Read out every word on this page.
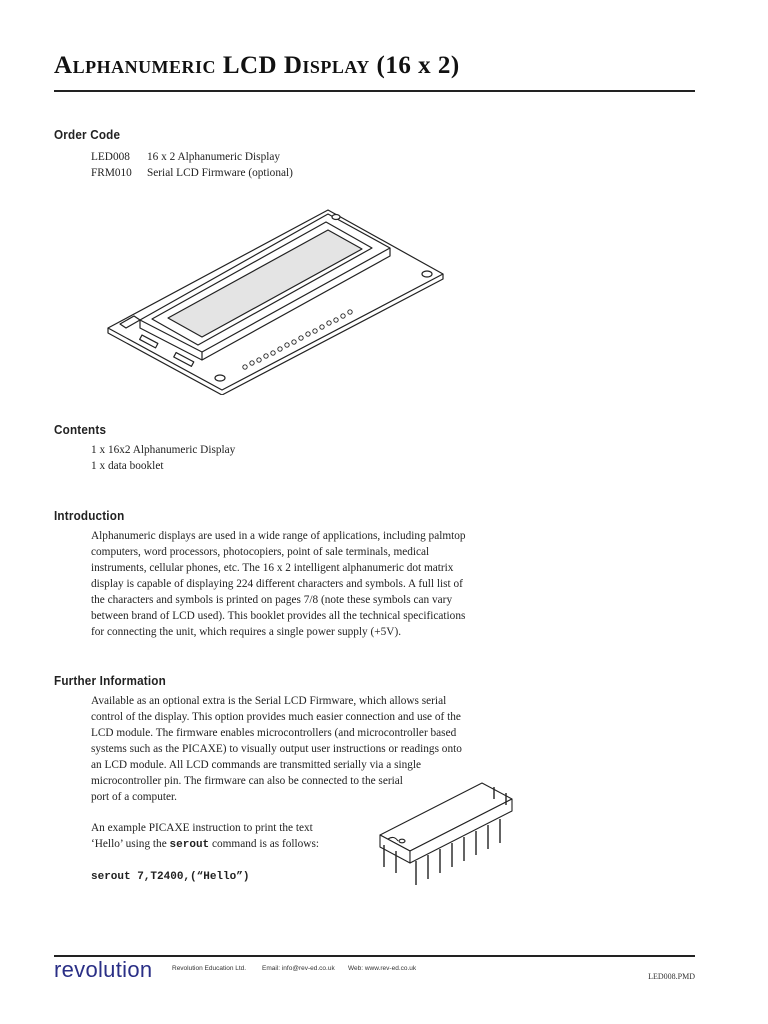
Alphanumeric LCD Display (16 x 2)
Order Code
LED008	16 x 2 Alphanumeric Display
FRM010	Serial LCD Firmware (optional)
Contents

1 x 16x2 Alphanumeric Display

1 x data booklet

Introduction

Alphanumeric displays are used in a wide range of applications, including palmtop

computers, word processors, photocopiers, point of sale terminals, medical

instruments, cellular phones, etc. The 16 x 2 intelligent alphanumeric dot matrix

display is capable of displaying 224 different characters and symbols. A full list of

the characters and symbols is printed on pages 7/8 (note these symbols can vary

between brand of LCD used). This booklet provides all the technical specifications

for connecting the unit, which requires a single power supply (+5V).

Further Information

Available as an optional extra is the Serial LCD Firmware, which allows serial

control of the display. This option provides much easier connection and use of the

LCD module. The firmware enables microcontrollers (and microcontroller based

systems such as the PICAXE) to visually output user instructions or readings onto

an LCD module. All LCD commands are transmitted serially via a single

microcontroller pin. The firmware can also be connected to the serial

port of a computer.

An example PICAXE instruction to print the text

‘Hello’ using the serout command is as follows:

serout 7,T2400,(“Hello”)

revolution	Revolution Education Ltd. Email: info@rev-ed.co.uk Web: www.rev-ed.co.uk
LED008.PMD
